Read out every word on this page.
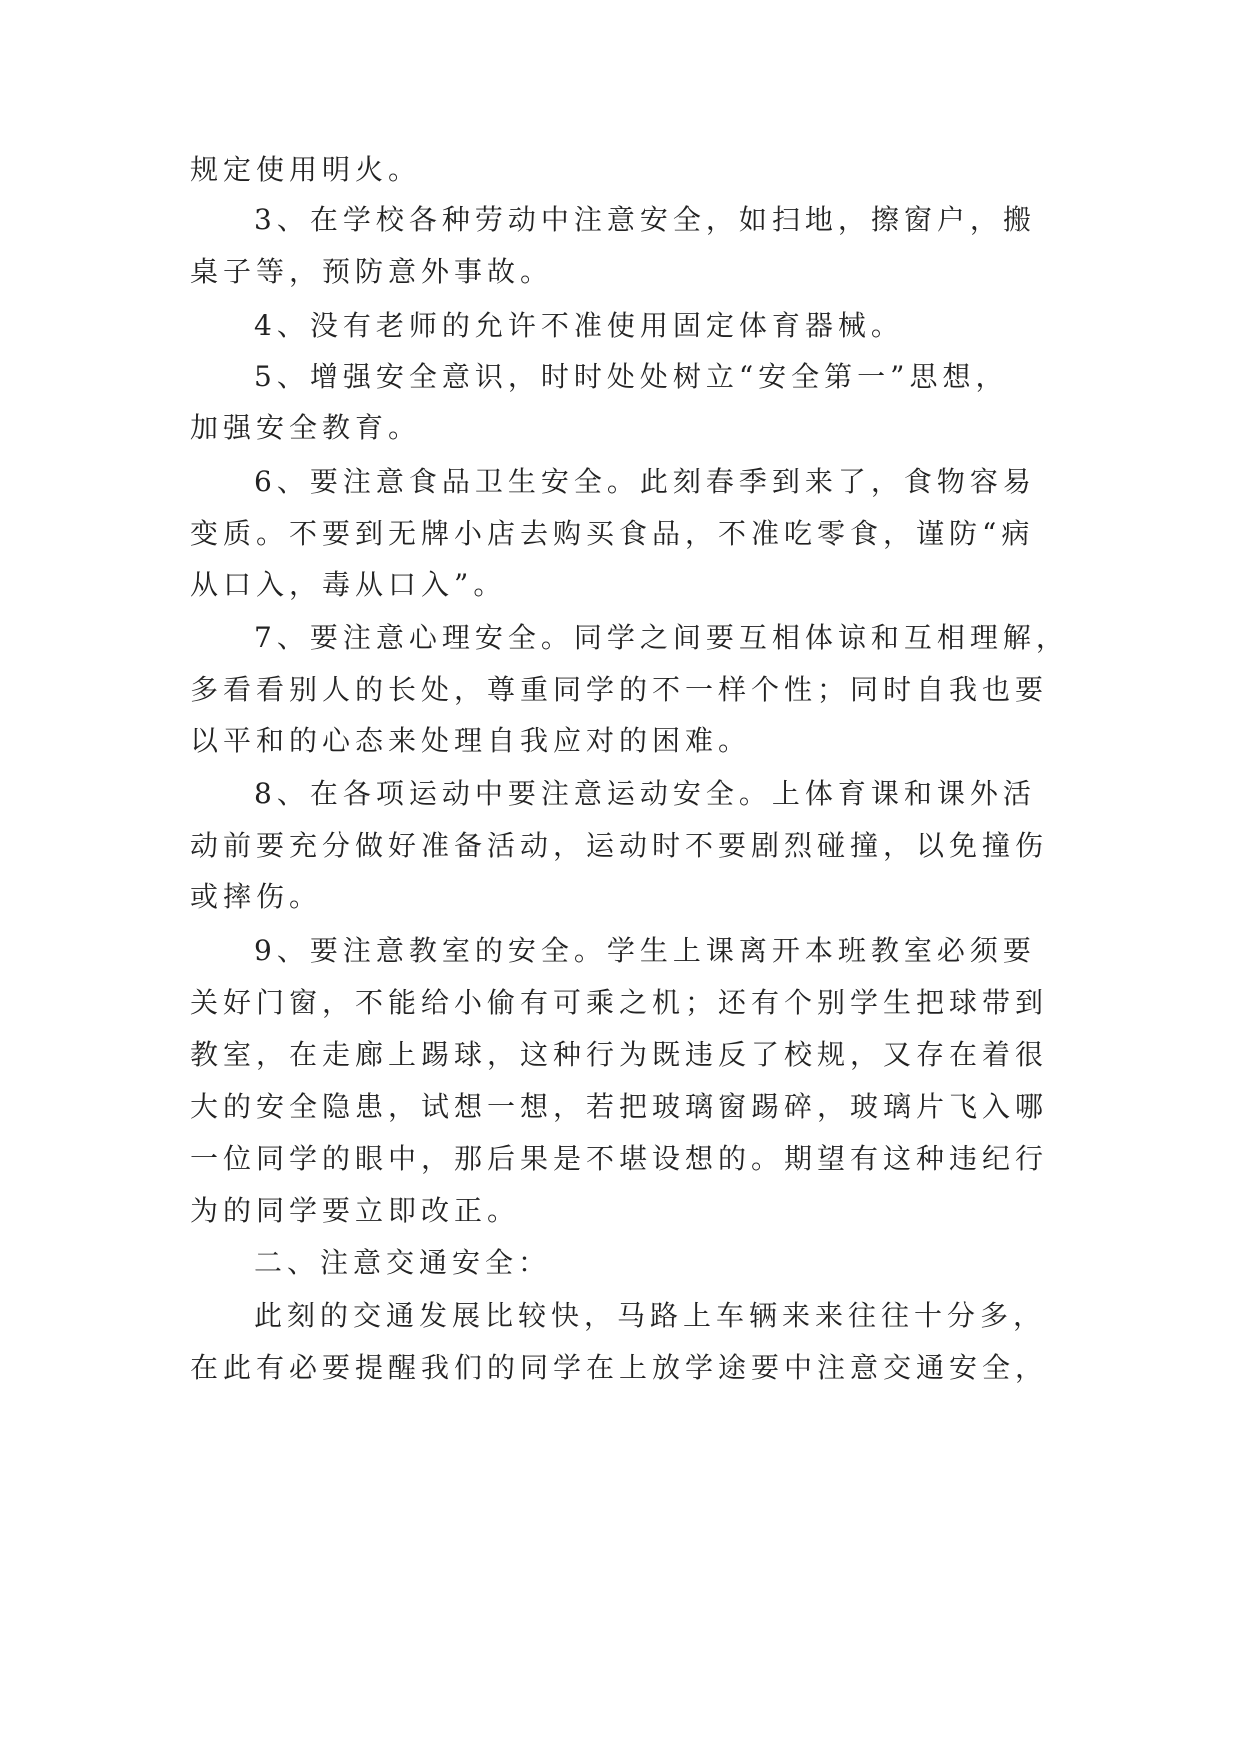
规定使用明火。
3、在学校各种劳动中注意安全，如扫地，擦窗户，搬
桌子等，预防意外事故。
4、没有老师的允许不准使用固定体育器械。
5、增强安全意识，时时处处树立“安全第一”思想，
加强安全教育。
6、要注意食品卫生安全。此刻春季到来了，食物容易
变质。不要到无牌小店去购买食品，不准吃零食，谨防“病
从口入，毒从口入”。
7、要注意心理安全。同学之间要互相体谅和互相理解，
多看看别人的长处，尊重同学的不一样个性；同时自我也要
以平和的心态来处理自我应对的困难。
8、在各项运动中要注意运动安全。上体育课和课外活
动前要充分做好准备活动，运动时不要剧烈碰撞，以免撞伤
或摔伤。
9、要注意教室的安全。学生上课离开本班教室必须要
关好门窗，不能给小偷有可乘之机；还有个别学生把球带到
教室，在走廊上踢球，这种行为既违反了校规，又存在着很
大的安全隐患，试想一想，若把玻璃窗踢碎，玻璃片飞入哪
一位同学的眼中，那后果是不堪设想的。期望有这种违纪行
为的同学要立即改正。
二、注意交通安全：
此刻的交通发展比较快，马路上车辆来来往往十分多，
在此有必要提醒我们的同学在上放学途要中注意交通安全，
